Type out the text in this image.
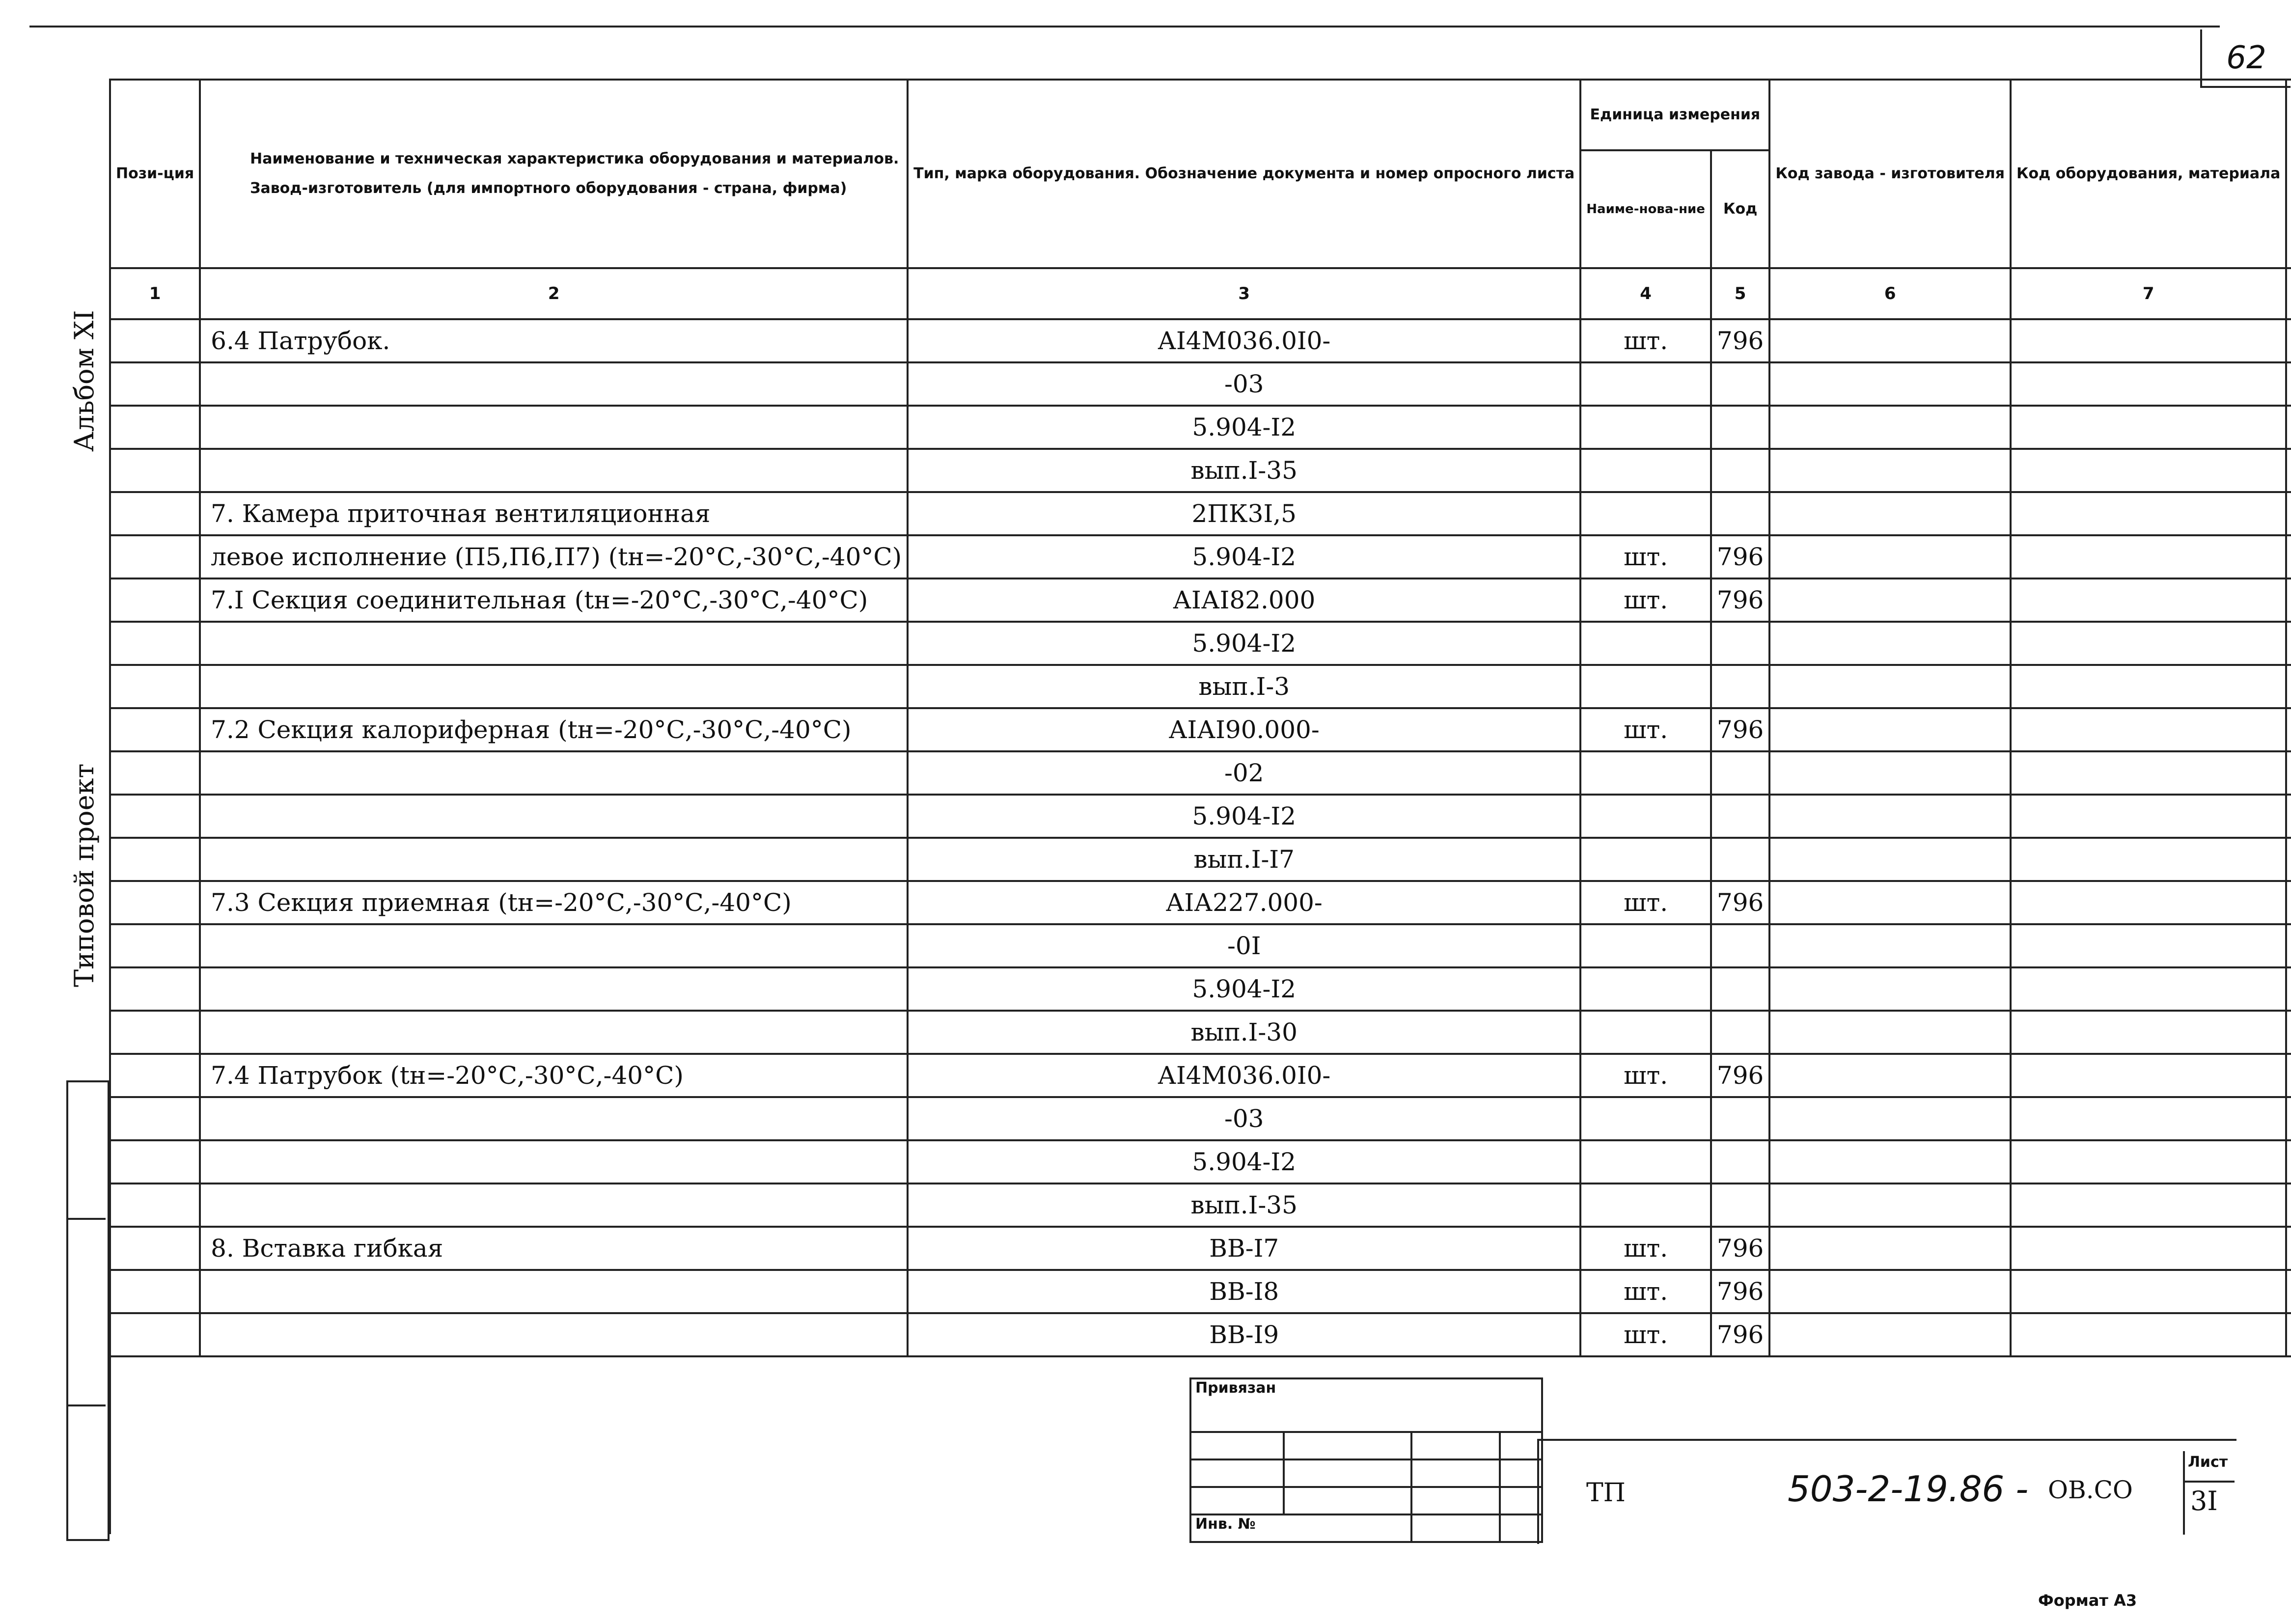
62
Альбом XI
Типовой проект
Пози-ция	Наименование и техническая характеристика оборудования и материалов.
Завод-изготовитель (для импортного оборудования - страна, фирма)	Тип, марка оборудования. Обозначение документа и номер опросного листа	Единица измерения		Код завода - изготовителя	Код оборудования, материала			
			Наиме-нова-ние	Код					
1	2	3	4	5	6	7			
	6.4 Патрубок.	АI4М036.0I0-	шт.	796					
		-03							
		5.904-I2							
		вып.I-35							
	7. Камера приточная вентиляционная	2ПК3I,5							
	левое исполнение (П5,П6,П7) (tн=-20°С,-30°С,-40°С)	5.904-I2	шт.	796					
	7.I Секция соединительная (tн=-20°С,-30°С,-40°С)	АIАI82.000	шт.	796					
		5.904-I2							
		вып.I-3							
	7.2 Секция калориферная (tн=-20°С,-30°С,-40°С)	АIАI90.000-	шт.	796					
		-02							
		5.904-I2							
		вып.I-I7							
	7.3 Секция приемная (tн=-20°С,-30°С,-40°С)	АIА227.000-	шт.	796					
		-0I							
		5.904-I2							
		вып.I-30							
	7.4 Патрубок (tн=-20°С,-30°С,-40°С)	АI4М036.0I0-	шт.	796					
		-03							
		5.904-I2							
		вып.I-35							
	8. Вставка гибкая	ВВ-I7	шт.	796					
		ВВ-I8	шт.	796					
		ВВ-I9	шт.	796					

Привязан			

Инв. №			
ТП	503-2-19.86 - ОВ.СО
Лист
3I
Формат А3
